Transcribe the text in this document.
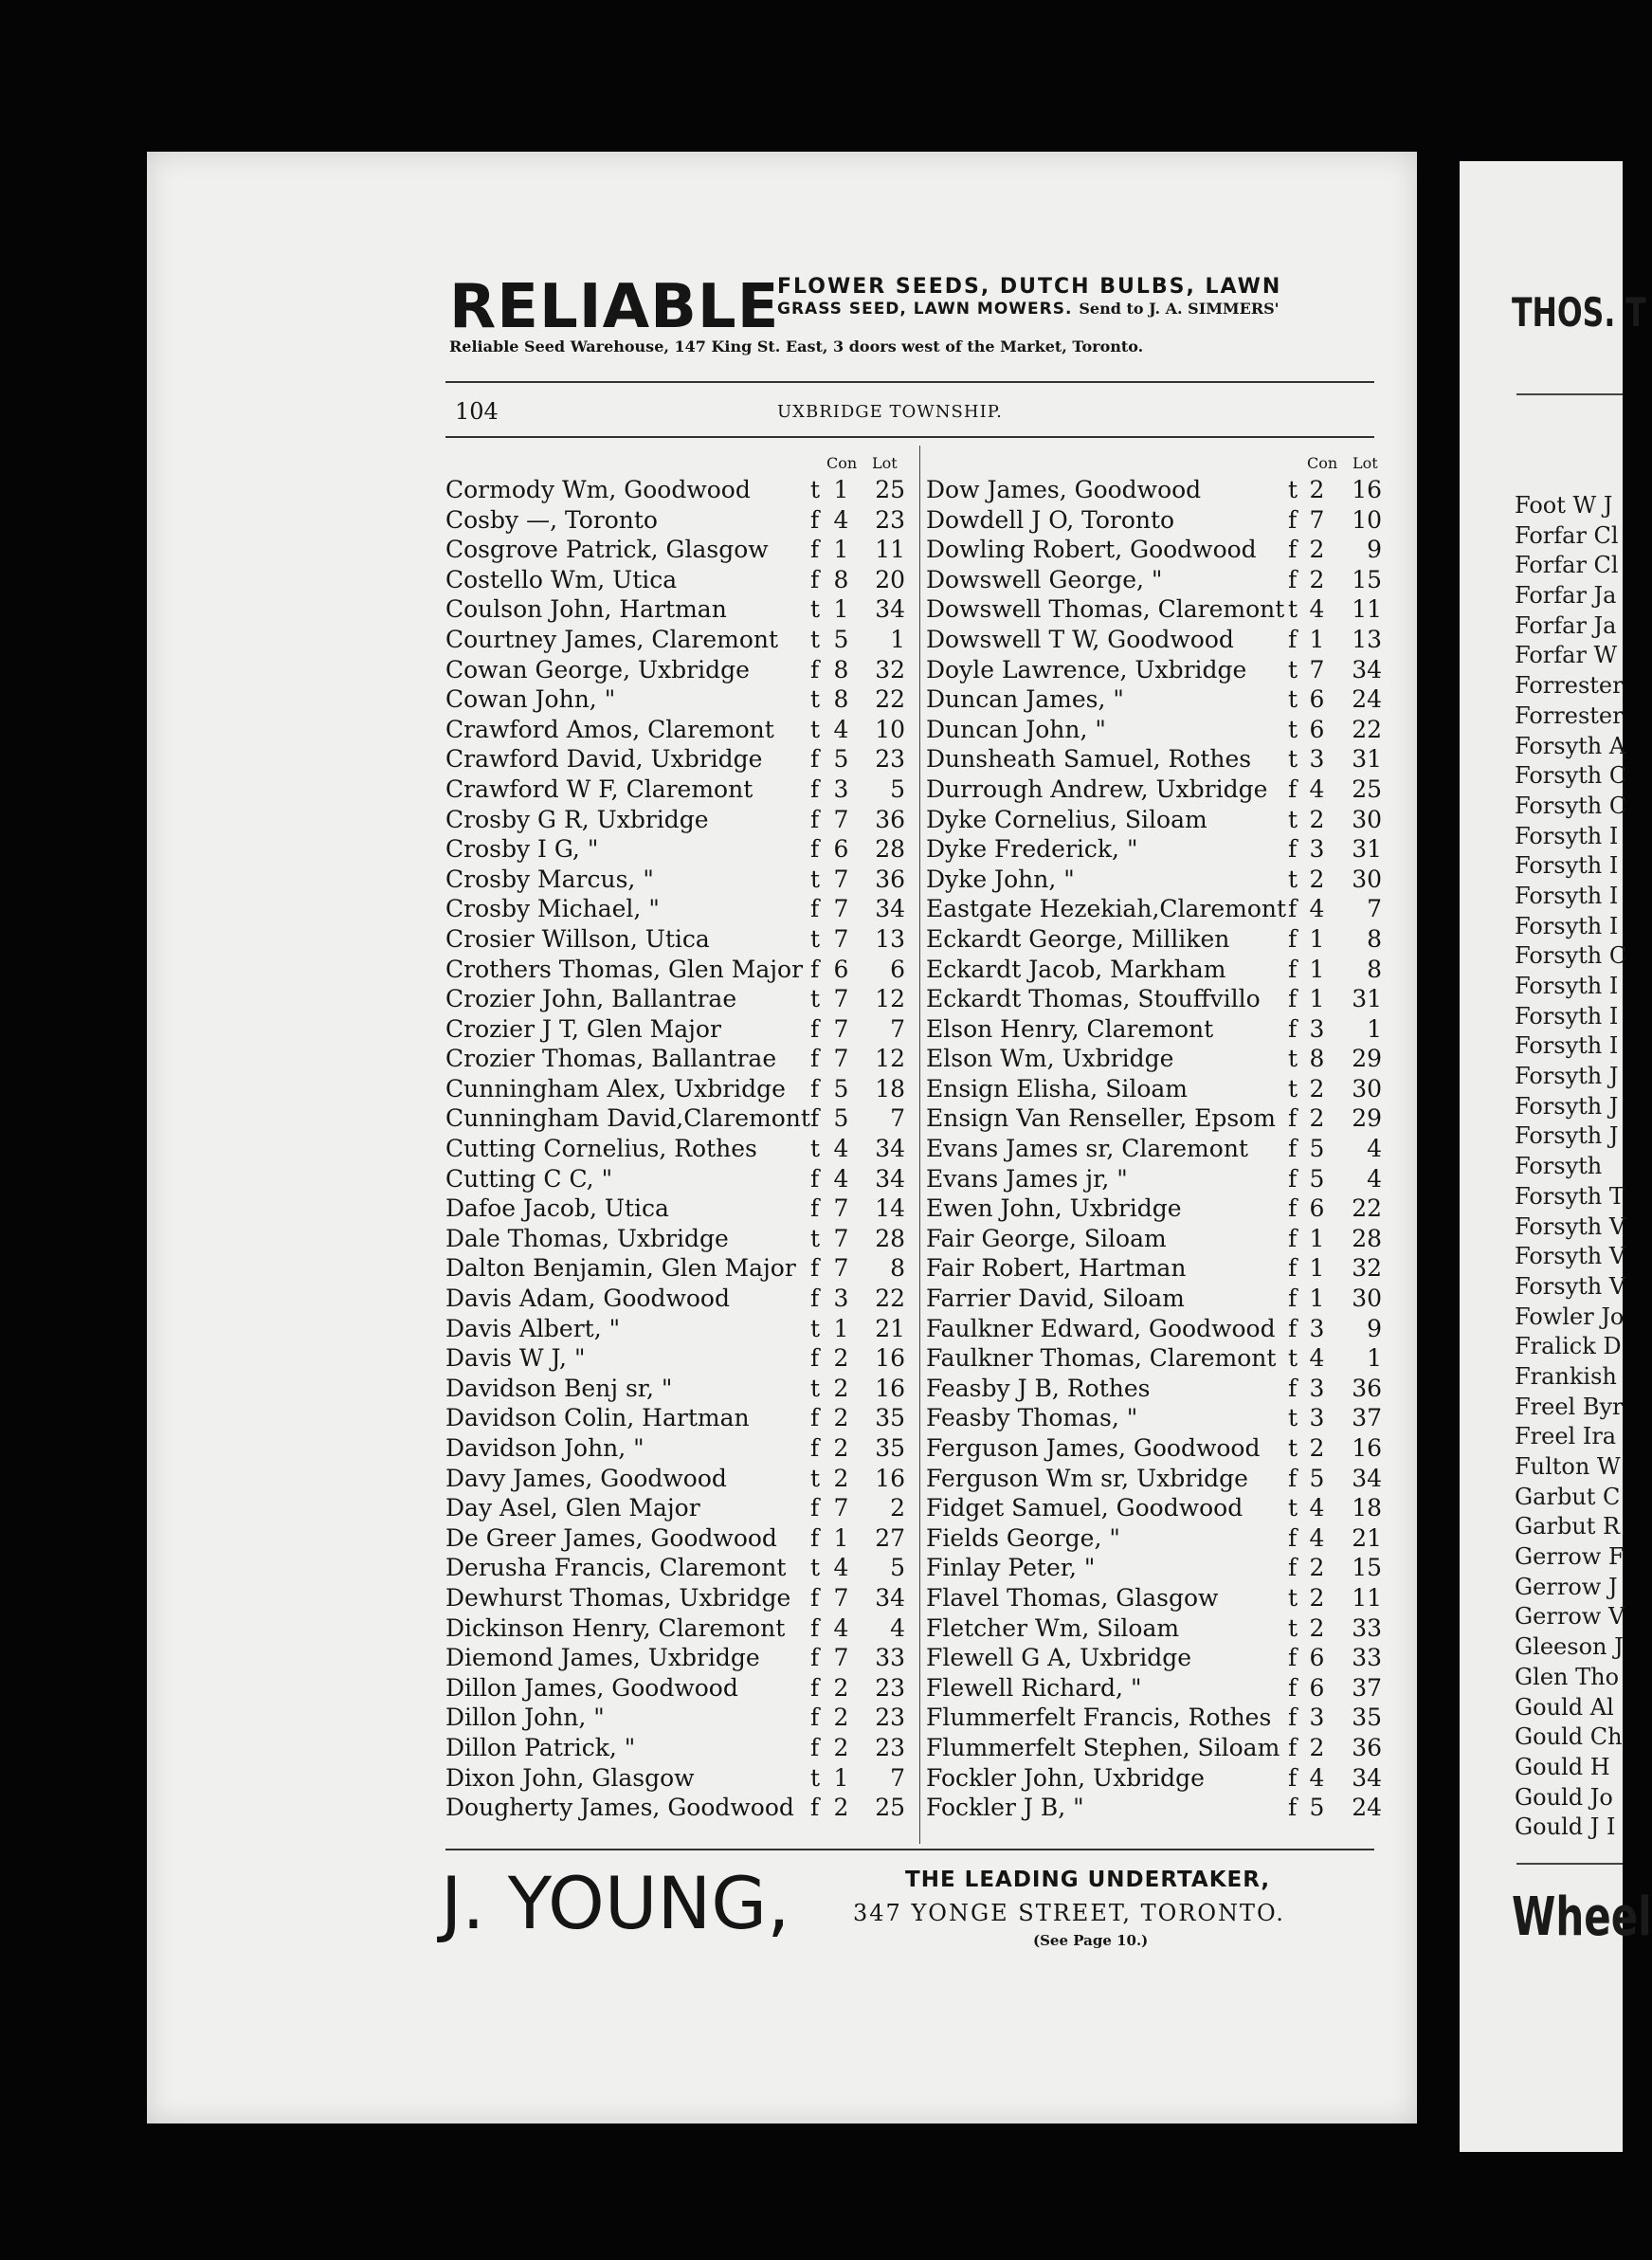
RELIABLE
FLOWER SEEDS, DUTCH BULBS, LAWN
GRASS SEED, LAWN MOWERS. Send to J. A. SIMMERS'
Reliable Seed Warehouse, 147 King St. East, 3 doors west of the Market, Toronto.
104	UXBRIDGE TOWNSHIP.
Con Lot
Cormody Wm, Goodwood	t 1	25
Cosby —, Toronto	f 4	23
Cosgrove Patrick, Glasgow f 1	11
Costello Wm, Utica	f 8	20
Coulson John, Hartman	t 1	34
Courtney James, Claremont t 5	1
Cowan George, Uxbridge	f 8	32
Cowan John, "	t 8	22
Crawford Amos, Claremont t 4	10
Crawford David, Uxbridge f 5	23
Crawford W F, Claremont f 3	5
Crosby G R, Uxbridge	f 7	36
Crosby I G, "	f 6	28
Crosby Marcus, "	t 7	36
Crosby Michael, "	f 7	34
Crosier Willson, Utica	t 7	13
Crothers Thomas, Glen Major f 6	6
Crozier John, Ballantrae	t 7	12
Crozier J T, Glen Major	f 7	7
Crozier Thomas, Ballantrae f 7	12
Cunningham Alex, Uxbridge f 5	18
Cunningham David,Claremont f 5	7
Cutting Cornelius, Rothes t 4	34
Cutting C C, "	f 4	34
Dafoe Jacob, Utica	f 7	14
Dale Thomas, Uxbridge	t 7	28
Dalton Benjamin, Glen Major f 7	8
Davis Adam, Goodwood	f 3	22
Davis Albert, "	t 1	21
Davis W J, "	f 2	16
Davidson Benj sr, "	t 2	16
Davidson Colin, Hartman	f 2	35
Davidson John, "	f 2	35
Davy James, Goodwood	t 2	16
Day Asel, Glen Major	f 7	2
De Greer James, Goodwood f 1	27
Derusha Francis, Claremont t 4	5
Dewhurst Thomas, Uxbridge f 7	34
Dickinson Henry, Claremont f 4	4
Diemond James, Uxbridge f 7	33
Dillon James, Goodwood	f 2	23
Dillon John, "	f 2	23
Dillon Patrick, "	f 2	23
Dixon John, Glasgow	t 1	7
Dougherty James, Goodwood f 2	25
Con Lot
Dow James, Goodwood	t 2	16
Dowdell J O, Toronto	f 7	10
Dowling Robert, Goodwood f 2	9
Dowswell George, "	f 2	15
Dowswell Thomas, Claremont t 4	11
Dowswell T W, Goodwood f 1	13
Doyle Lawrence, Uxbridge t 7	34
Duncan James, "	t 6	24
Duncan John, "	t 6	22
Dunsheath Samuel, Rothes t 3	31
Durrough Andrew, Uxbridge f 4	25
Dyke Cornelius, Siloam	t 2	30
Dyke Frederick, "	f 3	31
Dyke John, "	t 2	30
Eastgate Hezekiah,Claremont f 4	7
Eckardt George, Milliken f 1	8
Eckardt Jacob, Markham	f 1	8
Eckardt Thomas, Stouffvillo f 1	31
Elson Henry, Claremont	f 3	1
Elson Wm, Uxbridge	t 8	29
Ensign Elisha, Siloam	t 2	30
Ensign Van Renseller, Epsom f 2	29
Evans James sr, Claremont f 5	4
Evans James jr, "	f 5	4
Ewen John, Uxbridge	f 6	22
Fair George, Siloam	f 1	28
Fair Robert, Hartman	f 1	32
Farrier David, Siloam	f 1	30
Faulkner Edward, Goodwood f 3	9
Faulkner Thomas, Claremont t 4	1
Feasby J B, Rothes	f 3	36
Feasby Thomas, "	t 3	37
Ferguson James, Goodwood t 2	16
Ferguson Wm sr, Uxbridge f 5	34
Fidget Samuel, Goodwood t 4	18
Fields George, "	f 4	21
Finlay Peter, "	f 2	15
Flavel Thomas, Glasgow	t 2	11
Fletcher Wm, Siloam	t 2	33
Flewell G A, Uxbridge	f 6	33
Flewell Richard, "	f 6	37
Flummerfelt Francis, Rothes f 3	35
Flummerfelt Stephen, Siloam f 2	36
Fockler John, Uxbridge	f 4	34
Fockler J B, "	f 5	24
J. YOUNG,	THE LEADING UNDERTAKER,
347 YONGE STREET, TORONTO.
(See Page 10.)
THOS. T
Foot W J
Forfar Cl
Forfar Cl
Forfar Ja
Forfar Ja
Forfar W
Forrester
Forrester
Forsyth A
Forsyth C
Forsyth C
Forsyth I
Forsyth I
Forsyth I
Forsyth I
Forsyth C
Forsyth I
Forsyth I
Forsyth I
Forsyth J
Forsyth J
Forsyth J
Forsyth
Forsyth T
Forsyth V
Forsyth V
Forsyth V
Fowler Jo
Fralick D
Frankish
Freel Byr
Freel Ira
Fulton W
Garbut C
Garbut R
Gerrow F
Gerrow J
Gerrow V
Gleeson J
Glen Tho
Gould Al
Gould Ch
Gould H
Gould Jo
Gould J I
Wheel
